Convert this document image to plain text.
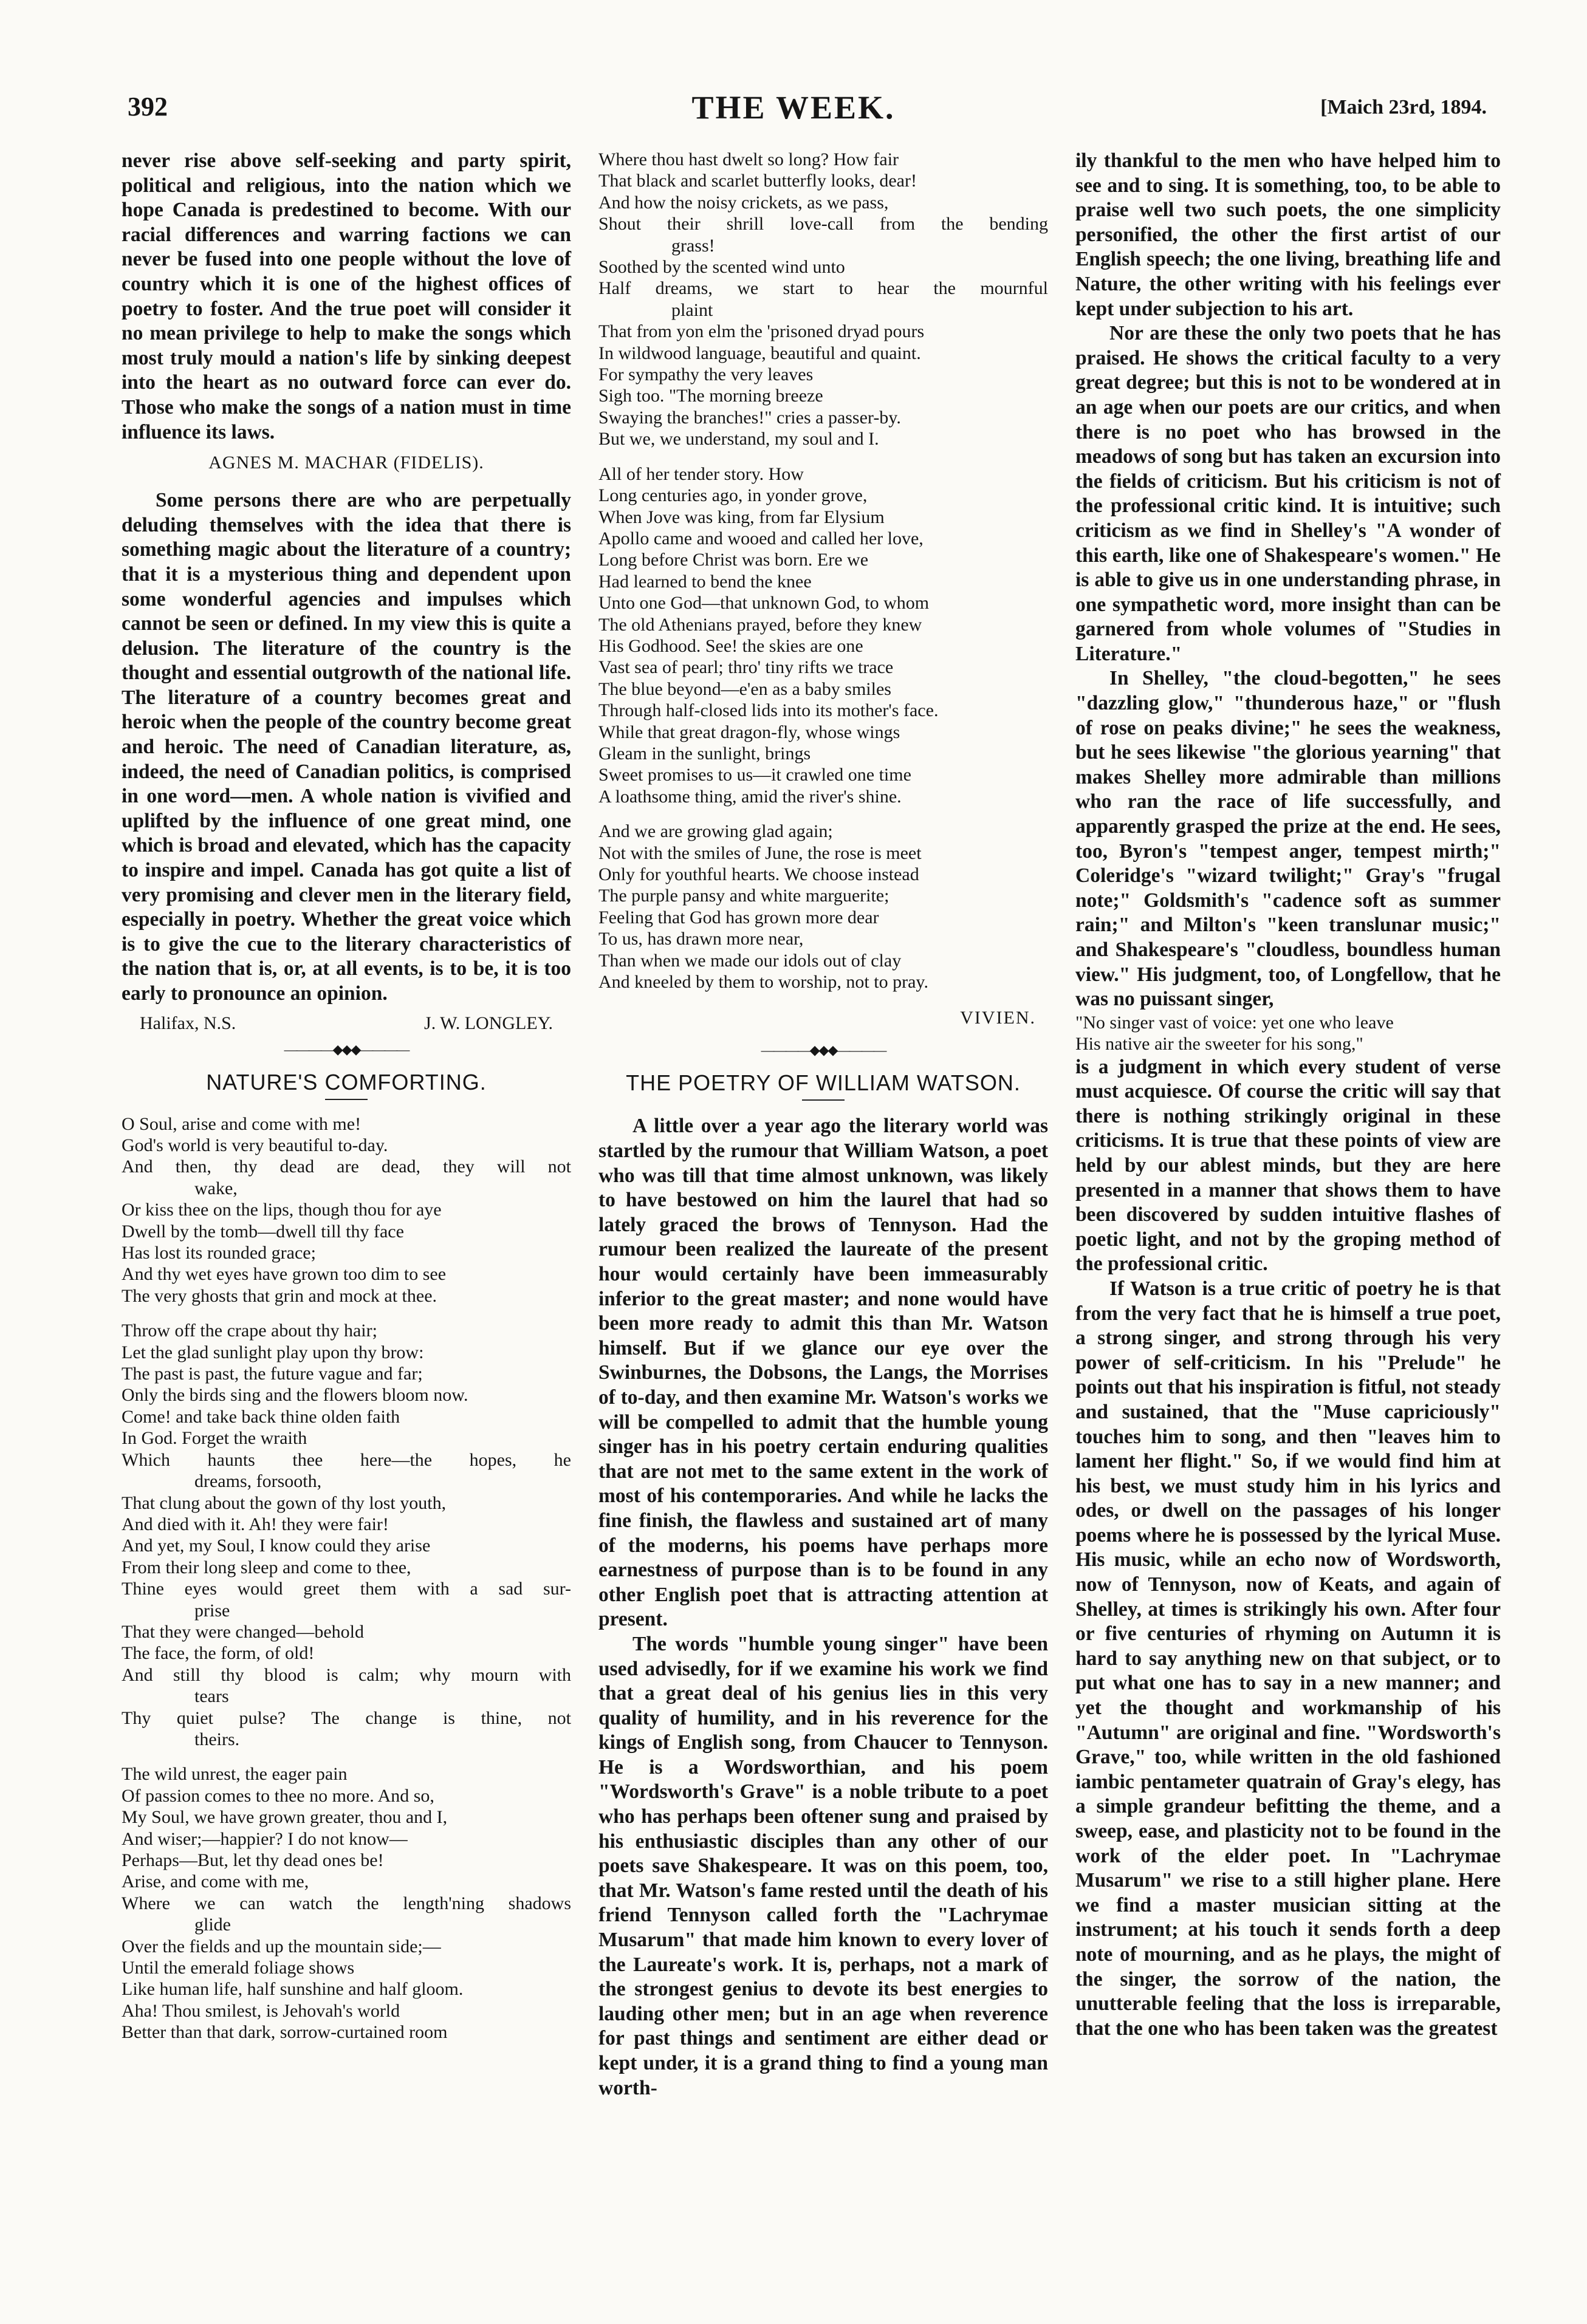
392	THE WEEK.	[Maich 23rd, 1894.

never rise above self-seeking and party spirit, political and religious, into the nation which we hope Canada is predestined to become. With our racial differences and warring factions we can never be fused into one people without the love of country which it is one of the highest offices of poetry to foster. And the true poet will consider it no mean privilege to help to make the songs which most truly mould a nation's life by sinking deepest into the heart as no outward force can ever do. Those who make the songs of a nation must in time influence its laws.

AGNES M. MACHAR (FIDELIS).

Some persons there are who are perpetually deluding themselves with the idea that there is something magic about the literature of a country; that it is a mysterious thing and dependent upon some wonderful agencies and impulses which cannot be seen or defined. In my view this is quite a delusion. The literature of the country is the thought and essential outgrowth of the national life. The literature of a country becomes great and heroic when the people of the country become great and heroic. The need of Canadian literature, as, indeed, the need of Canadian politics, is comprised in one word—men. A whole nation is vivified and uplifted by the influence of one great mind, one which is broad and elevated, which has the capacity to inspire and impel. Canada has got quite a list of very promising and clever men in the literary field, especially in poetry. Whether the great voice which is to give the cue to the literary characteristics of the nation that is, or, at all events, is to be, it is too early to pronounce an opinion.

Halifax, N.S.	J. W. LONGLEY.
————◆◆◆————
NATURE'S COMFORTING.

O Soul, arise and come with me!

God's world is very beautiful to-day.

And then, thy dead are dead, they will not

wake,

Or kiss thee on the lips, though thou for aye

Dwell by the tomb—dwell till thy face

Has lost its rounded grace;

And thy wet eyes have grown too dim to see

The very ghosts that grin and mock at thee.

Throw off the crape about thy hair;

Let the glad sunlight play upon thy brow:

The past is past, the future vague and far;

Only the birds sing and the flowers bloom now.

Come! and take back thine olden faith

In God. Forget the wraith

Which haunts thee here—the hopes, he

dreams, forsooth,

That clung about the gown of thy lost youth,

And died with it. Ah! they were fair!

And yet, my Soul, I know could they arise

From their long sleep and come to thee,

Thine eyes would greet them with a sad sur-

prise

That they were changed—behold

The face, the form, of old!

And still thy blood is calm; why mourn with

tears

Thy quiet pulse? The change is thine, not

theirs.

The wild unrest, the eager pain

Of passion comes to thee no more. And so,

My Soul, we have grown greater, thou and I,

And wiser;—happier? I do not know—

Perhaps—But, let thy dead ones be!

Arise, and come with me,

Where we can watch the length'ning shadows

glide

Over the fields and up the mountain side;—

Until the emerald foliage shows

Like human life, half sunshine and half gloom.

Aha! Thou smilest, is Jehovah's world

Better than that dark, sorrow-curtained room

Where thou hast dwelt so long? How fair

That black and scarlet butterfly looks, dear!

And how the noisy crickets, as we pass,

Shout their shrill love-call from the bending

grass!

Soothed by the scented wind unto

Half dreams, we start to hear the mournful

plaint

That from yon elm the 'prisoned dryad pours

In wildwood language, beautiful and quaint.

For sympathy the very leaves

Sigh too. "The morning breeze

Swaying the branches!" cries a passer-by.

But we, we understand, my soul and I.

All of her tender story. How

Long centuries ago, in yonder grove,

When Jove was king, from far Elysium

Apollo came and wooed and called her love,

Long before Christ was born. Ere we

Had learned to bend the knee

Unto one God—that unknown God, to whom

The old Athenians prayed, before they knew

His Godhood. See! the skies are one

Vast sea of pearl; thro' tiny rifts we trace

The blue beyond—e'en as a baby smiles

Through half-closed lids into its mother's face.

While that great dragon-fly, whose wings

Gleam in the sunlight, brings

Sweet promises to us—it crawled one time

A loathsome thing, amid the river's shine.

And we are growing glad again;

Not with the smiles of June, the rose is meet

Only for youthful hearts. We choose instead

The purple pansy and white marguerite;

Feeling that God has grown more dear

To us, has drawn more near,

Than when we made our idols out of clay

And kneeled by them to worship, not to pray.

VIVIEN.
————◆◆◆————
THE POETRY OF WILLIAM WATSON.

A little over a year ago the literary world was startled by the rumour that William Watson, a poet who was till that time almost unknown, was likely to have bestowed on him the laurel that had so lately graced the brows of Tennyson. Had the rumour been realized the laureate of the present hour would certainly have been immeasurably inferior to the great master; and none would have been more ready to admit this than Mr. Watson himself. But if we glance our eye over the Swinburnes, the Dobsons, the Langs, the Morrises of to-day, and then examine Mr. Watson's works we will be compelled to admit that the humble young singer has in his poetry certain enduring qualities that are not met to the same extent in the work of most of his contemporaries. And while he lacks the fine finish, the flawless and sustained art of many of the moderns, his poems have perhaps more earnestness of purpose than is to be found in any other English poet that is attracting attention at present.

The words "humble young singer" have been used advisedly, for if we examine his work we find that a great deal of his genius lies in this very quality of humility, and in his reverence for the kings of English song, from Chaucer to Tennyson. He is a Wordsworthian, and his poem "Wordsworth's Grave" is a noble tribute to a poet who has perhaps been oftener sung and praised by his enthusiastic disciples than any other of our poets save Shakespeare. It was on this poem, too, that Mr. Watson's fame rested until the death of his friend Tennyson called forth the "Lachrymae Musarum" that made him known to every lover of the Laureate's work. It is, perhaps, not a mark of the strongest genius to devote its best energies to lauding other men; but in an age when reverence for past things and sentiment are either dead or kept under, it is a grand thing to find a young man worth-

ily thankful to the men who have helped him to see and to sing. It is something, too, to be able to praise well two such poets, the one simplicity personified, the other the first artist of our English speech; the one living, breathing life and Nature, the other writing with his feelings ever kept under subjection to his art.

Nor are these the only two poets that he has praised. He shows the critical faculty to a very great degree; but this is not to be wondered at in an age when our poets are our critics, and when there is no poet who has browsed in the meadows of song but has taken an excursion into the fields of criticism. But his criticism is not of the professional critic kind. It is intuitive; such criticism as we find in Shelley's "A wonder of this earth, like one of Shakespeare's women." He is able to give us in one understanding phrase, in one sympathetic word, more insight than can be garnered from whole volumes of "Studies in Literature."

In Shelley, "the cloud-begotten," he sees "dazzling glow," "thunderous haze," or "flush of rose on peaks divine;" he sees the weakness, but he sees likewise "the glorious yearning" that makes Shelley more admirable than millions who ran the race of life successfully, and apparently grasped the prize at the end. He sees, too, Byron's "tempest anger, tempest mirth;" Coleridge's "wizard twilight;" Gray's "frugal note;" Goldsmith's "cadence soft as summer rain;" and Milton's "keen translunar music;" and Shakespeare's "cloudless, boundless human view." His judgment, too, of Longfellow, that he was no puissant singer,

"No singer vast of voice: yet one who leave

His native air the sweeter for his song,"

is a judgment in which every student of verse must acquiesce. Of course the critic will say that there is nothing strikingly original in these criticisms. It is true that these points of view are held by our ablest minds, but they are here presented in a manner that shows them to have been discovered by sudden intuitive flashes of poetic light, and not by the groping method of the professional critic.

If Watson is a true critic of poetry he is that from the very fact that he is himself a true poet, a strong singer, and strong through his very power of self-criticism. In his "Prelude" he points out that his inspiration is fitful, not steady and sustained, that the "Muse capriciously" touches him to song, and then "leaves him to lament her flight." So, if we would find him at his best, we must study him in his lyrics and odes, or dwell on the passages of his longer poems where he is possessed by the lyrical Muse. His music, while an echo now of Wordsworth, now of Tennyson, now of Keats, and again of Shelley, at times is strikingly his own. After four or five centuries of rhyming on Autumn it is hard to say anything new on that subject, or to put what one has to say in a new manner; and yet the thought and workmanship of his "Autumn" are original and fine. "Wordsworth's Grave," too, while written in the old fashioned iambic pentameter quatrain of Gray's elegy, has a simple grandeur befitting the theme, and a sweep, ease, and plasticity not to be found in the work of the elder poet. In "Lachrymae Musarum" we rise to a still higher plane. Here we find a master musician sitting at the instrument; at his touch it sends forth a deep note of mourning, and as he plays, the might of the singer, the sorrow of the nation, the unutterable feeling that the loss is irreparable, that the one who has been taken was the greatest
